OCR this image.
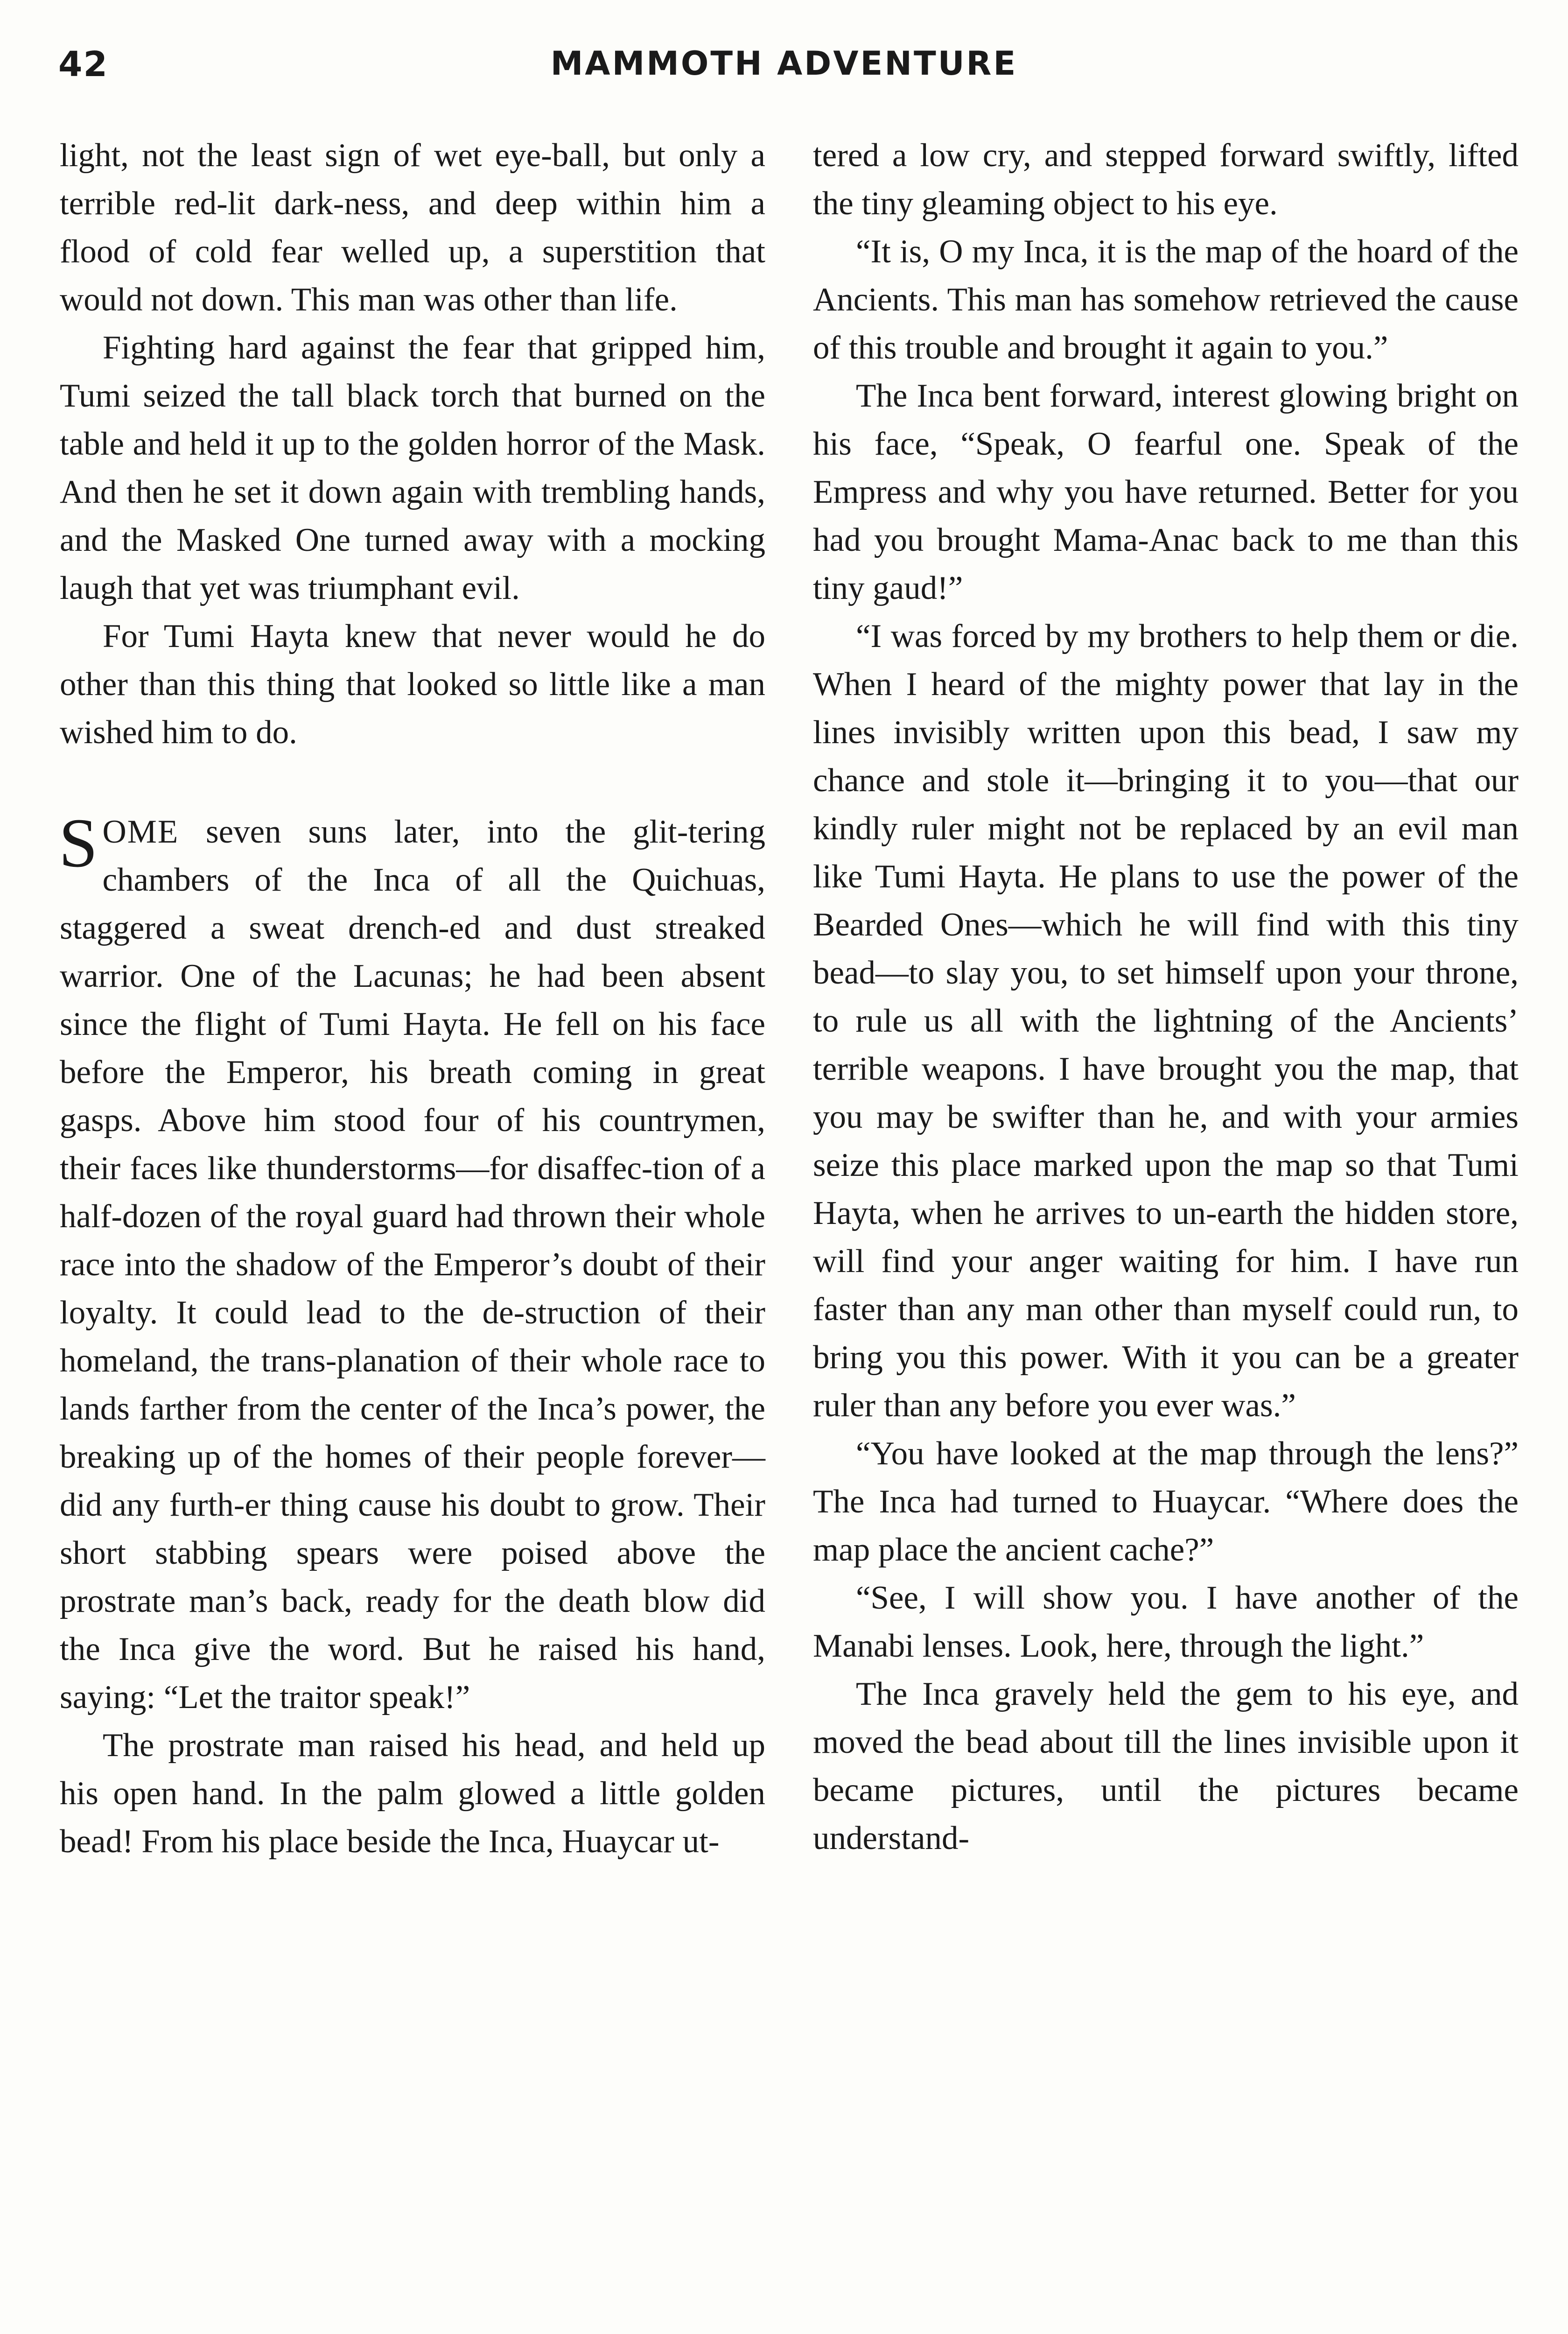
42	MAMMOTH ADVENTURE

light, not the least sign of wet eye-ball, but only a terrible red-lit dark-ness, and deep within him a flood of cold fear welled up, a superstition that would not down. This man was other than life.

Fighting hard against the fear that gripped him, Tumi seized the tall black torch that burned on the table and held it up to the golden horror of the Mask. And then he set it down again with trembling hands, and the Masked One turned away with a mocking laugh that yet was triumphant evil.

For Tumi Hayta knew that never would he do other than this thing that looked so little like a man wished him to do.

SOME seven suns later, into the glit-tering chambers of the Inca of all the Quichuas, staggered a sweat drench-ed and dust streaked warrior. One of the Lacunas; he had been absent since the flight of Tumi Hayta. He fell on his face before the Emperor, his breath coming in great gasps. Above him stood four of his countrymen, their faces like thunderstorms—for disaffec-tion of a half-dozen of the royal guard had thrown their whole race into the shadow of the Emperor’s doubt of their loyalty. It could lead to the de-struction of their homeland, the trans-planation of their whole race to lands farther from the center of the Inca’s power, the breaking up of the homes of their people forever—did any furth-er thing cause his doubt to grow. Their short stabbing spears were poised above the prostrate man’s back, ready for the death blow did the Inca give the word. But he raised his hand, saying: “Let the traitor speak!”

The prostrate man raised his head, and held up his open hand. In the palm glowed a little golden bead! From his place beside the Inca, Huaycar ut-

tered a low cry, and stepped forward swiftly, lifted the tiny gleaming object to his eye.

“It is, O my Inca, it is the map of the hoard of the Ancients. This man has somehow retrieved the cause of this trouble and brought it again to you.”

The Inca bent forward, interest glowing bright on his face, “Speak, O fearful one. Speak of the Empress and why you have returned. Better for you had you brought Mama-Anac back to me than this tiny gaud!”

“I was forced by my brothers to help them or die. When I heard of the mighty power that lay in the lines invisibly written upon this bead, I saw my chance and stole it—bringing it to you—that our kindly ruler might not be replaced by an evil man like Tumi Hayta. He plans to use the power of the Bearded Ones—which he will find with this tiny bead—to slay you, to set himself upon your throne, to rule us all with the lightning of the Ancients’ terrible weapons. I have brought you the map, that you may be swifter than he, and with your armies seize this place marked upon the map so that Tumi Hayta, when he arrives to un-earth the hidden store, will find your anger waiting for him. I have run faster than any man other than myself could run, to bring you this power. With it you can be a greater ruler than any before you ever was.”

“You have looked at the map through the lens?” The Inca had turned to Huaycar. “Where does the map place the ancient cache?”

“See, I will show you. I have another of the Manabi lenses. Look, here, through the light.”

The Inca gravely held the gem to his eye, and moved the bead about till the lines invisible upon it became pictures, until the pictures became understand-
